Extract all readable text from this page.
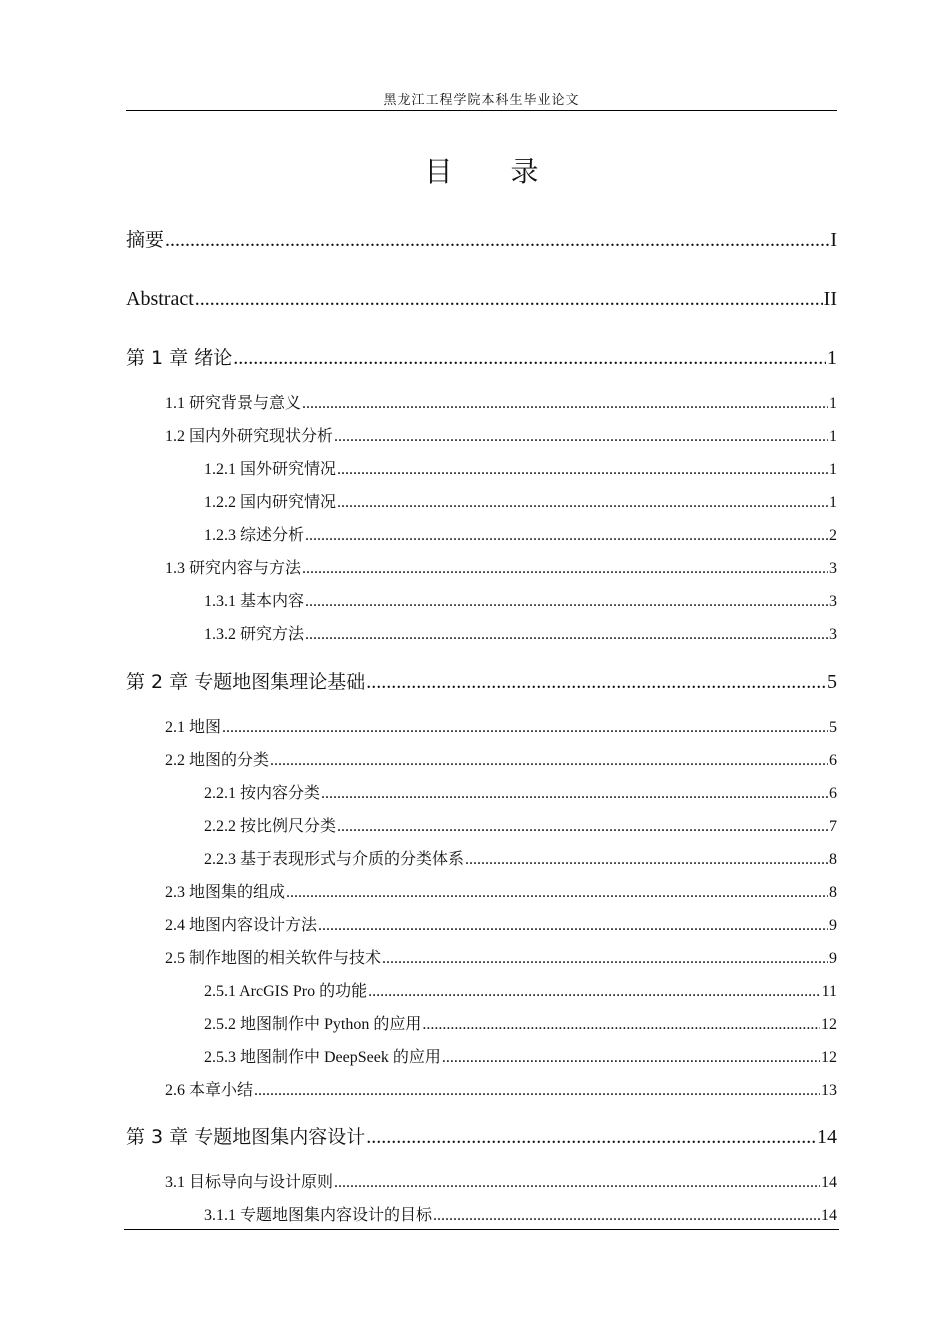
黑龙江工程学院本科生毕业论文
目 录
摘要 .....	I
Abstract .....	II
第 1 章 绪论 .....	1
1.1 研究背景与意义 .....	1
1.2 国内外研究现状分析 .....	1
1.2.1 国外研究情况 .....	1
1.2.2 国内研究情况 .....	1
1.2.3 综述分析 .....	2
1.3 研究内容与方法 .....	3
1.3.1 基本内容 .....	3
1.3.2 研究方法 .....	3
第 2 章 专题地图集理论基础 .....	5
2.1 地图 .....	5
2.2 地图的分类 .....	6
2.2.1 按内容分类 .....	6
2.2.2 按比例尺分类 .....	7
2.2.3 基于表现形式与介质的分类体系 .....	8
2.3 地图集的组成 .....	8
2.4 地图内容设计方法 .....	9
2.5 制作地图的相关软件与技术 .....	9
2.5.1 ArcGIS Pro 的功能 .....	11
2.5.2 地图制作中 Python 的应用 .....	12
2.5.3 地图制作中 DeepSeek 的应用 .....	12
2.6 本章小结 .....	13
第 3 章 专题地图集内容设计 .....	14
3.1 目标导向与设计原则 .....	14
3.1.1 专题地图集内容设计的目标 .....	14
